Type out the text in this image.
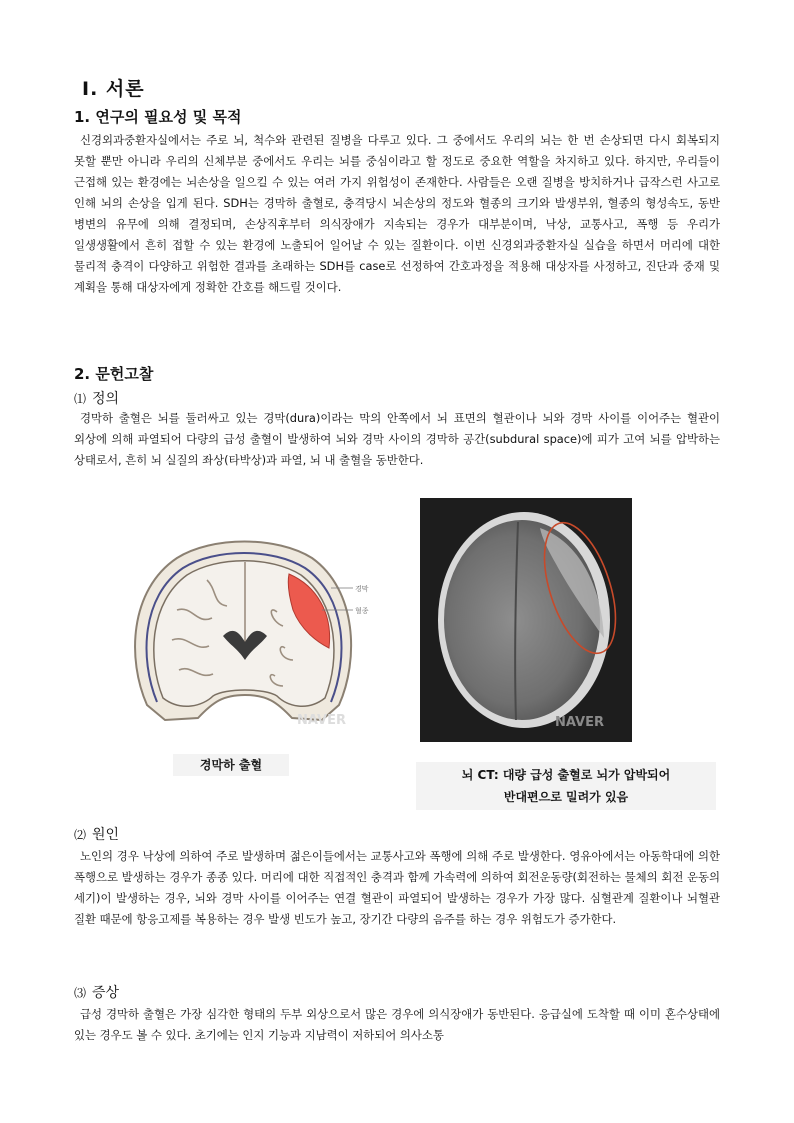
Ⅰ. 서론
1. 연구의 필요성 및 목적

신경외과중환자실에서는 주로 뇌, 척수와 관련된 질병을 다루고 있다. 그 중에서도 우리의 뇌는 한 번 손상되면 다시 회복되지 못할 뿐만 아니라 우리의 신체부분 중에서도 우리는 뇌를 중심이라고 할 정도로 중요한 역할을 차지하고 있다. 하지만, 우리들이 근접해 있는 환경에는 뇌손상을 일으킬 수 있는 여러 가지 위험성이 존재한다. 사람들은 오랜 질병을 방치하거나 급작스런 사고로 인해 뇌의 손상을 입게 된다. SDH는 경막하 출혈로, 충격당시 뇌손상의 정도와 혈종의 크기와 발생부위, 혈종의 형성속도, 동반 병변의 유무에 의해 결정되며, 손상직후부터 의식장애가 지속되는 경우가 대부분이며, 낙상, 교통사고, 폭행 등 우리가 일생생활에서 흔히 접할 수 있는 환경에 노출되어 일어날 수 있는 질환이다. 이번 신경외과중환자실 실습을 하면서 머리에 대한 물리적 충격이 다양하고 위험한 결과를 초래하는 SDH를 case로 선정하여 간호과정을 적용해 대상자를 사정하고, 진단과 중재 및 계획을 통해 대상자에게 정확한 간호를 해드릴 것이다.

2. 문헌고찰
⑴ 정의

경막하 출혈은 뇌를 둘러싸고 있는 경막(dura)이라는 막의 안쪽에서 뇌 표면의 혈관이나 뇌와 경막 사이를 이어주는 혈관이 외상에 의해 파열되어 다량의 급성 출혈이 발생하여 뇌와 경막 사이의 경막하 공간(subdural space)에 피가 고여 뇌를 압박하는 상태로서, 흔히 뇌 실질의 좌상(타박상)과 파열, 뇌 내 출혈을 동반한다.

경막
혈종
NAVER
경막하 출혈
NAVER
뇌 CT: 대량 급성 출혈로 뇌가 압박되어
반대편으로 밀려가 있음
⑵ 원인

노인의 경우 낙상에 의하여 주로 발생하며 젊은이들에서는 교통사고와 폭행에 의해 주로 발생한다. 영유아에서는 아동학대에 의한 폭행으로 발생하는 경우가 종종 있다. 머리에 대한 직접적인 충격과 함께 가속력에 의하여 회전운동량(회전하는 물체의 회전 운동의 세기)이 발생하는 경우, 뇌와 경막 사이를 이어주는 연결 혈관이 파열되어 발생하는 경우가 가장 많다. 심혈관계 질환이나 뇌혈관 질환 때문에 항응고제를 복용하는 경우 발생 빈도가 높고, 장기간 다량의 음주를 하는 경우 위험도가 증가한다.

⑶ 증상

급성 경막하 출혈은 가장 심각한 형태의 두부 외상으로서 많은 경우에 의식장애가 동반된다. 응급실에 도착할 때 이미 혼수상태에 있는 경우도 볼 수 있다. 초기에는 인지 기능과 지남력이 저하되어 의사소통
